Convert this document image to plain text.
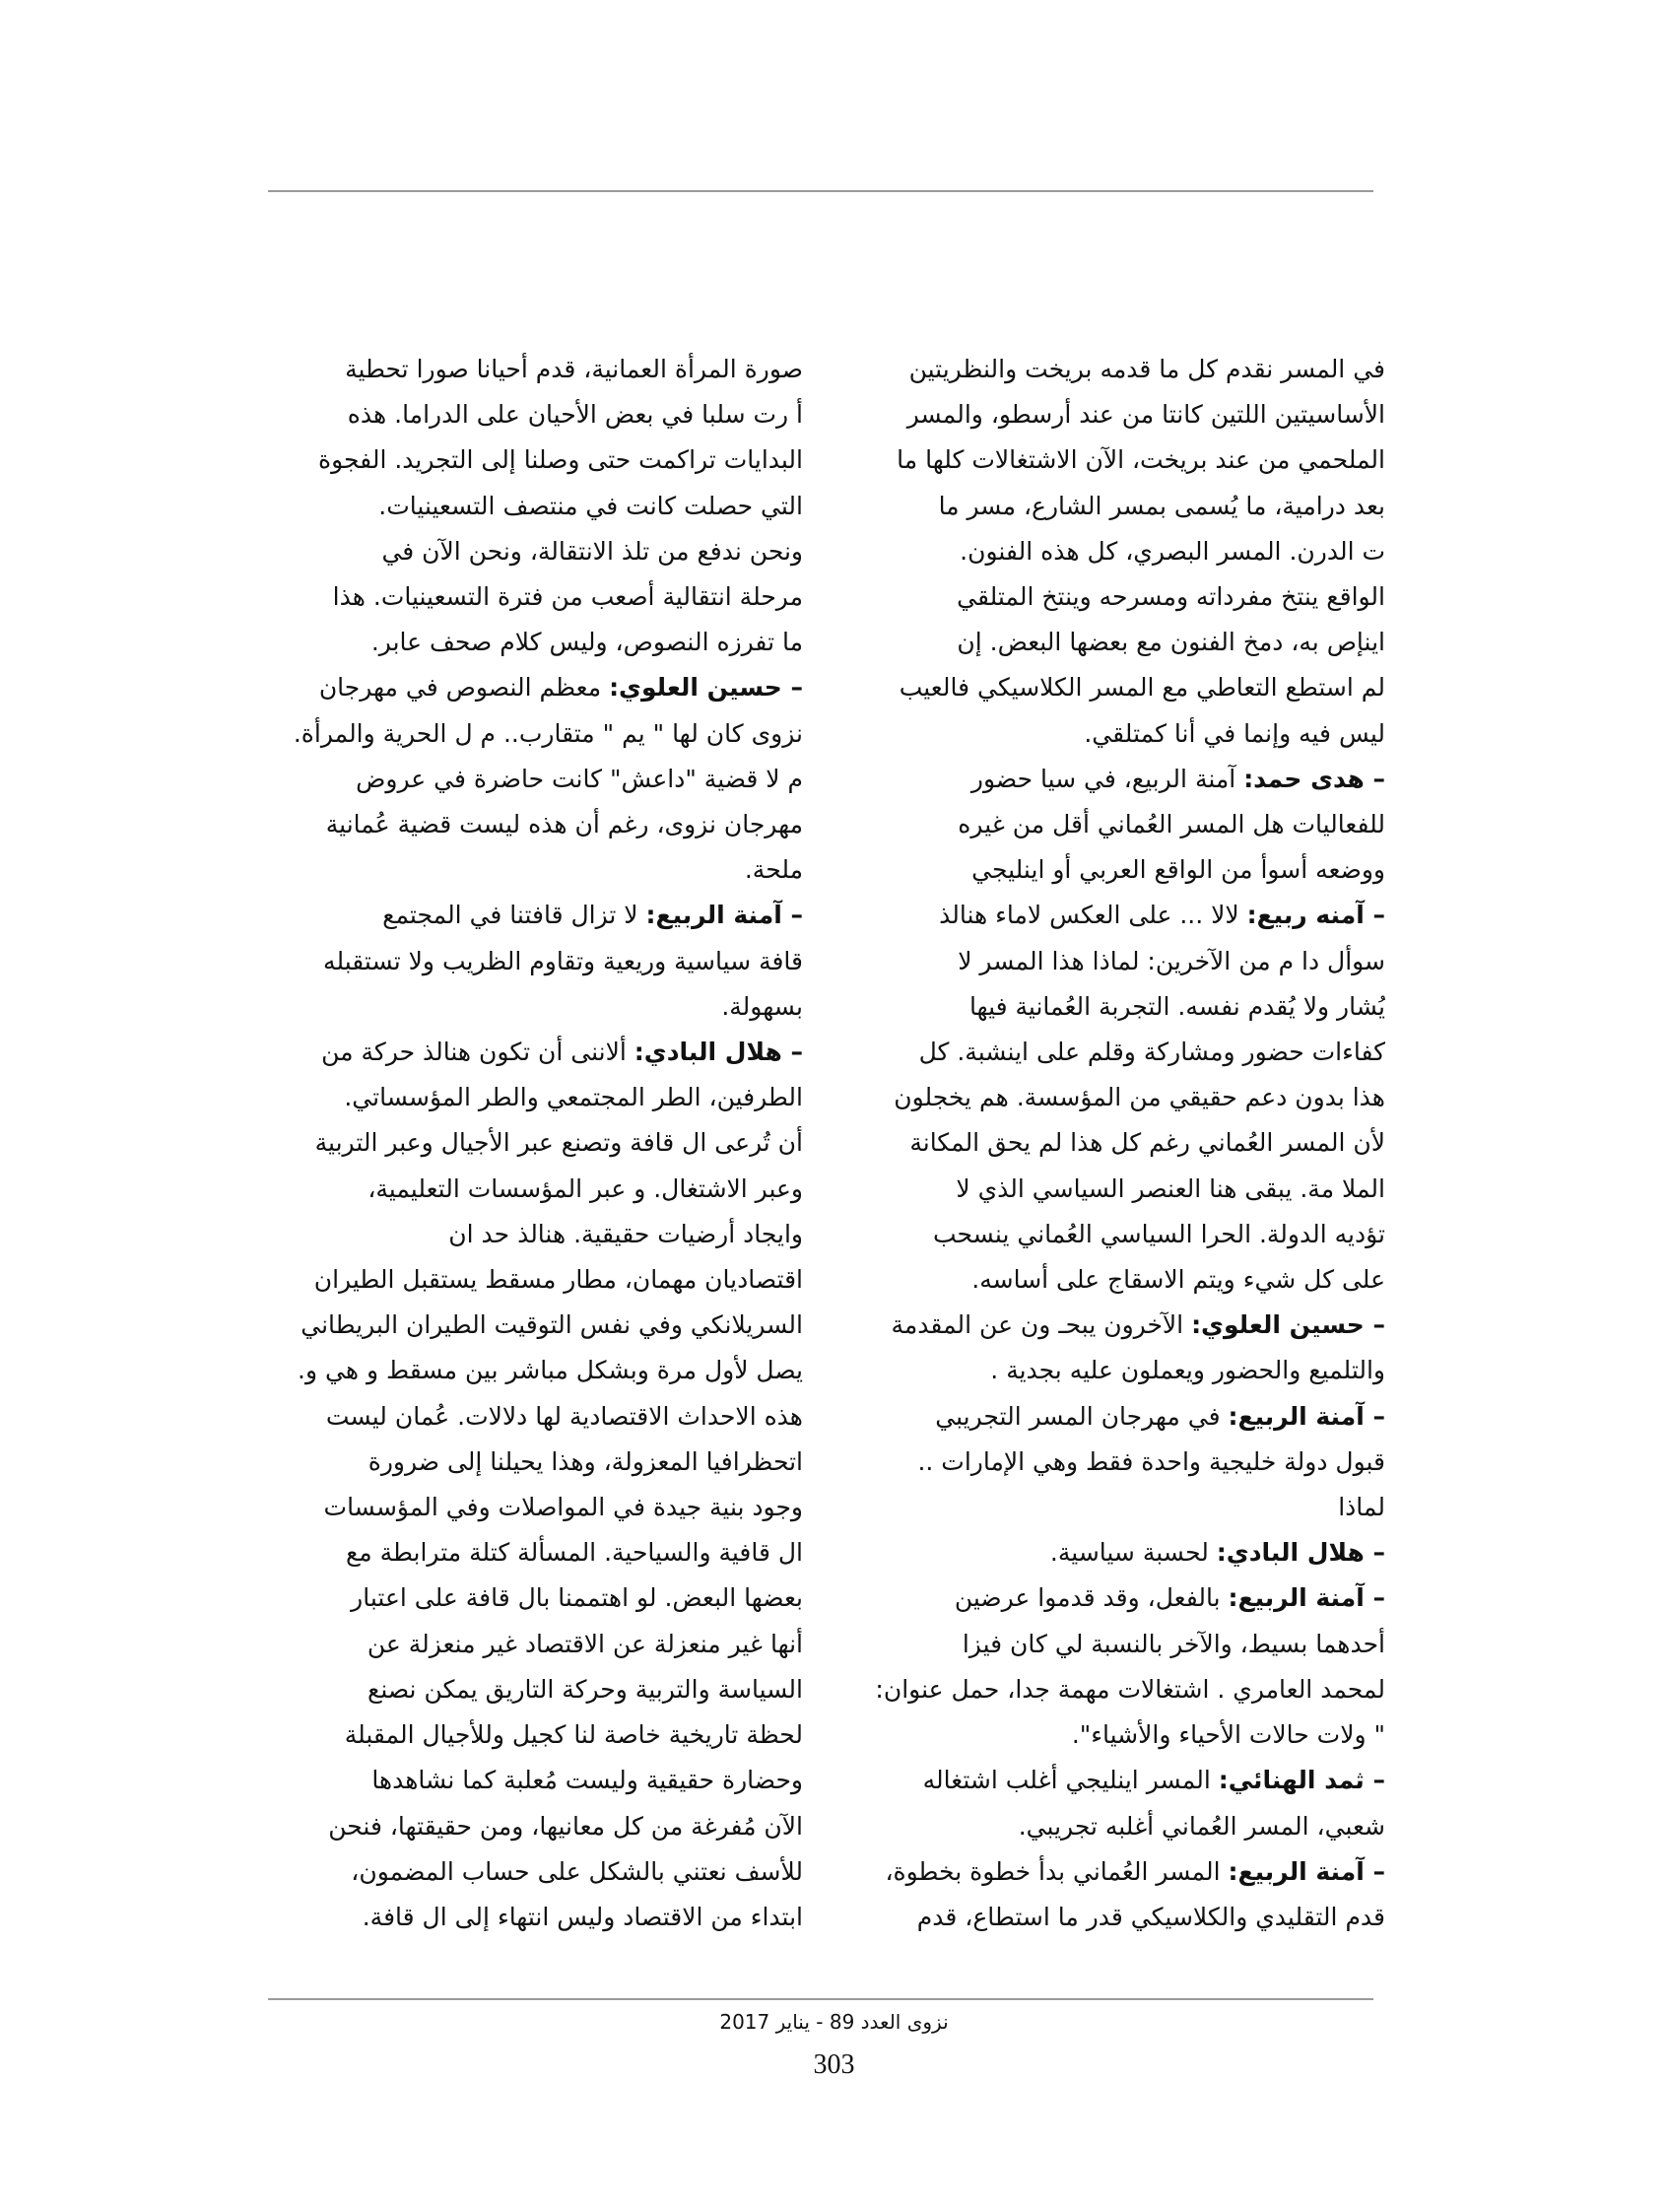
في المسر نقدم كل ما قدمه بريخت والنظريتين
الأساسيتين اللتين كانتا من عند أرسطو، والمسر
الملحمي من عند بريخت، الآن الاشتغالات كلها ما
بعد درامية، ما يُسمى بمسر الشارع، مسر ما
ت الدرن. المسر البصري، كل هذه الفنون.
الواقع ينتخ مفرداته ومسرحه وينتخ المتلقي
اينإص به، دمخ الفنون مع بعضها البعض. إن
لم استطع التعاطي مع المسر الكلاسيكي فالعيب
ليس فيه وإنما في أنا كمتلقي.
– هدى حمد: آمنة الربيع، في سيا حضور
للفعاليات هل المسر العُماني أقل من غيره
ووضعه أسوأ من الواقع العربي أو اينليجي
– آمنه ربيع: لالا ... على العكس لاماء هنالذ
سوأل دا م من الآخرين: لماذا هذا المسر لا
يُشار ولا يُقدم نفسه. التجربة العُمانية فيها
كفاءات حضور ومشاركة وقلم على اينشبة. كل
هذا بدون دعم حقيقي من المؤسسة. هم يخجلون
لأن المسر العُماني رغم كل هذا لم يحق المكانة
الملا مة. يبقى هنا العنصر السياسي الذي لا
تؤديه الدولة. الحرا السياسي العُماني ينسحب
على كل شيء ويتم الاسقاج على أساسه.
– حسين العلوي: الآخرون يبحـ ون عن المقدمة
والتلميع والحضور ويعملون عليه بجدية .
– آمنة الربيع: في مهرجان المسر التجريبي
قبول دولة خليجية واحدة فقط وهي الإمارات ..
لماذا
– هلال البادي: لحسبة سياسية.
– آمنة الربيع: بالفعل، وقد قدموا عرضين
أحدهما بسيط، والآخر بالنسبة لي كان فيزا
لمحمد العامري . اشتغالات مهمة جدا، حمل عنوان:
" ولات حالات الأحياء والأشياء".
– ثمد الهنائي: المسر اينليجي أغلب اشتغاله
شعبي، المسر العُماني أغلبه تجريبي.
– آمنة الربيع: المسر العُماني بدأ خطوة بخطوة،
قدم التقليدي والكلاسيكي قدر ما استطاع، قدم
صورة المرأة العمانية، قدم أحيانا صورا تحطية
أ رت سلبا في بعض الأحيان على الدراما. هذه
البدايات تراكمت حتى وصلنا إلى التجريد. الفجوة
التي حصلت كانت في منتصف التسعينيات.
ونحن ندفع من تلذ الانتقالة، ونحن الآن في
مرحلة انتقالية أصعب من فترة التسعينيات. هذا
ما تفرزه النصوص، وليس كلام صحف عابر.
– حسين العلوي: معظم النصوص في مهرجان
نزوى كان لها " يم " متقارب.. م ل الحرية والمرأة.
م لا قضية "داعش" كانت حاضرة في عروض
مهرجان نزوى، رغم أن هذه ليست قضية عُمانية
ملحة.
– آمنة الربيع: لا تزال قافتنا في المجتمع
قافة سياسية وريعية وتقاوم الظريب ولا تستقبله
بسهولة.
– هلال البادي: ألاننى أن تكون هنالذ حركة من
الطرفين، الطر المجتمعي والطر المؤسساتي.
أن تُرعى ال قافة وتصنع عبر الأجيال وعبر التربية
وعبر الاشتغال. و عبر المؤسسات التعليمية،
وايجاد أرضيات حقيقية. هنالذ حد ان
اقتصاديان مهمان، مطار مسقط يستقبل الطيران
السريلانكي وفي نفس التوقيت الطيران البريطاني
يصل لأول مرة وبشكل مباشر بين مسقط و هي و.
هذه الاحداث الاقتصادية لها دلالات. عُمان ليست
اتحظرافيا المعزولة، وهذا يحيلنا إلى ضرورة
وجود بنية جيدة في المواصلات وفي المؤسسات
ال قافية والسياحية. المسألة كتلة مترابطة مع
بعضها البعض. لو اهتممنا بال قافة على اعتبار
أنها غير منعزلة عن الاقتصاد غير منعزلة عن
السياسة والتربية وحركة التاريق يمكن نصنع
لحظة تاريخية خاصة لنا كجيل وللأجيال المقبلة
وحضارة حقيقية وليست مُعلبة كما نشاهدها
الآن مُفرغة من كل معانيها، ومن حقيقتها، فنحن
للأسف نعتني بالشكل على حساب المضمون،
ابتداء من الاقتصاد وليس انتهاء إلى ال قافة.
نزوى العدد 89 - يناير 2017
303
